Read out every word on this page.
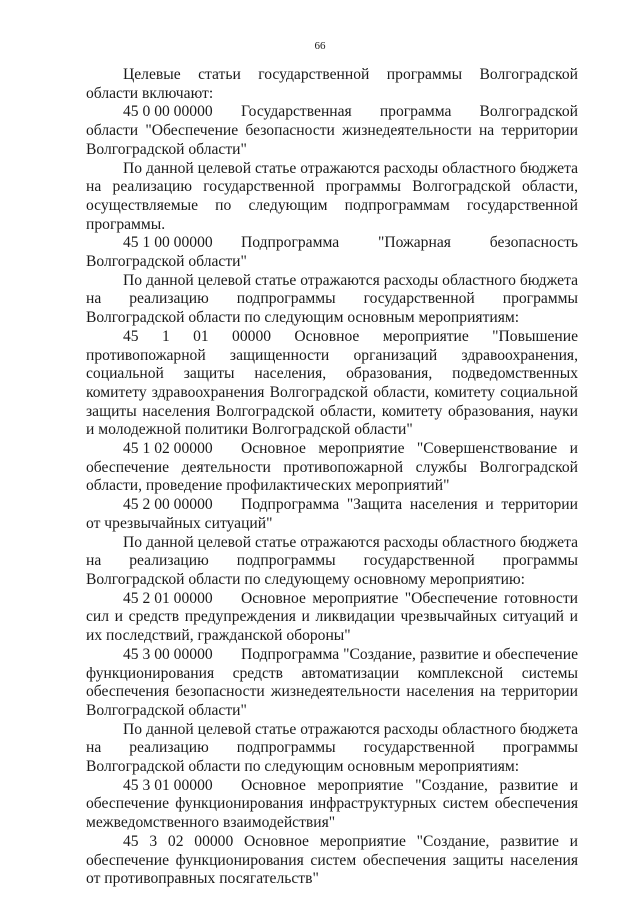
66

Целевые статьи государственной программы Волгоградской области включают:

45 0 00 00000 Государственная программа Волгоградской области "Обеспечение безопасности жизнедеятельности на территории Волгоградской области"

По данной целевой статье отражаются расходы областного бюджета на реализацию государственной программы Волгоградской области, осуществляемые по следующим подпрограммам государственной программы.

45 1 00 00000 Подпрограмма "Пожарная безопасность Волгоградской области"

По данной целевой статье отражаются расходы областного бюджета на реализацию подпрограммы государственной программы Волгоградской области по следующим основным мероприятиям:

45 1 01 00000 Основное мероприятие "Повышение противопожарной защищенности организаций здравоохранения, социальной защиты населения, образования, подведомственных комитету здравоохранения Волгоградской области, комитету социальной защиты населения Волгоградской области, комитету образования, науки и молодежной политики Волгоградской области"

45 1 02 00000 Основное мероприятие "Совершенствование и обеспечение деятельности противопожарной службы Волгоградской области, проведение профилактических мероприятий"

45 2 00 00000 Подпрограмма "Защита населения и территории от чрезвычайных ситуаций"

По данной целевой статье отражаются расходы областного бюджета на реализацию подпрограммы государственной программы Волгоградской области по следующему основному мероприятию:

45 2 01 00000 Основное мероприятие "Обеспечение готовности сил и средств предупреждения и ликвидации чрезвычайных ситуаций и их последствий, гражданской обороны"

45 3 00 00000 Подпрограмма "Создание, развитие и обеспечение функционирования средств автоматизации комплексной системы обеспечения безопасности жизнедеятельности населения на территории Волгоградской области"

По данной целевой статье отражаются расходы областного бюджета на реализацию подпрограммы государственной программы Волгоградской области по следующим основным мероприятиям:

45 3 01 00000 Основное мероприятие "Создание, развитие и обеспечение функционирования инфраструктурных систем обеспечения межведомственного взаимодействия"

45 3 02 00000 Основное мероприятие "Создание, развитие и обеспечение функционирования систем обеспечения защиты населения от противоправных посягательств"
